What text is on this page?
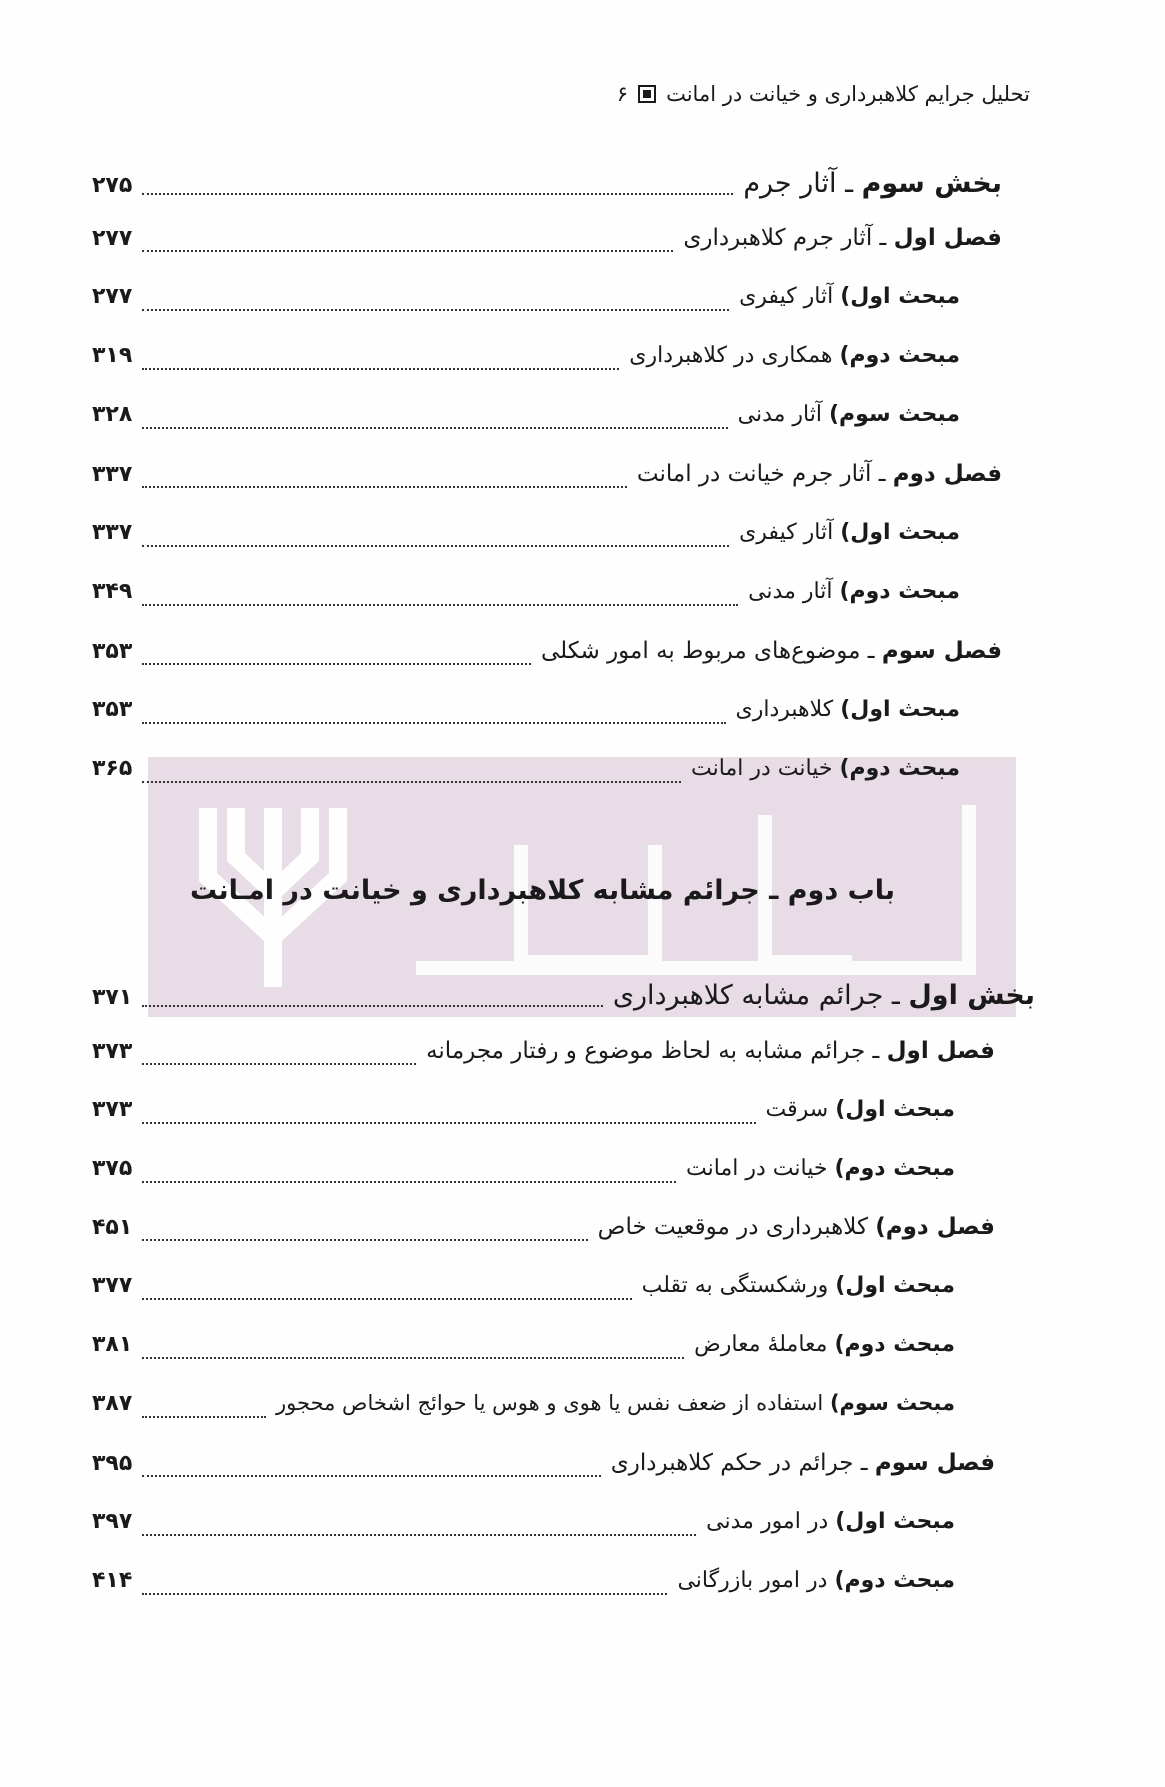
۶ تحلیل جرایم کلاهبرداری و خیانت در امانت
بخش سوم ـ آثار جرم
۲۷۵
فصل اول ـ آثار جرم کلاهبرداری
۲۷۷
مبحث اول) آثار کیفری
۲۷۷
مبحث دوم) همکاری در کلاهبرداری
۳۱۹
مبحث سوم) آثار مدنی
۳۲۸
فصل دوم ـ آثار جرم خیانت در امانت
۳۳۷
مبحث اول) آثار کیفری
۳۳۷
مبحث دوم) آثار مدنی
۳۴۹
فصل سوم ـ موضوع‌های مربوط به امور شکلی
۳۵۳
مبحث اول) کلاهبرداری
۳۵۳
مبحث دوم) خیانت در امانت
۳۶۵
باب دوم ـ جرائم مشابه کلاهبرداری و خیانت در امـانت
بخش اول ـ جرائم مشابه کلاهبرداری
۳۷۱
فصل اول ـ جرائم مشابه به لحاظ موضوع و رفتار مجرمانه
۳۷۳
مبحث اول) سرقت
۳۷۳
مبحث دوم) خیانت در امانت
۳۷۵
فصل دوم) کلاهبرداری در موقعیت خاص
۴۵۱
مبحث اول) ورشکستگی به تقلب
۳۷۷
مبحث دوم) معاملهٔ معارض
۳۸۱
مبحث سوم) استفاده از ضعف نفس یا هوی و هوس یا حوائج اشخاص محجور
۳۸۷
فصل سوم ـ جرائم در حکم کلاهبرداری
۳۹۵
مبحث اول) در امور مدنی
۳۹۷
مبحث دوم) در امور بازرگانی
۴۱۴
